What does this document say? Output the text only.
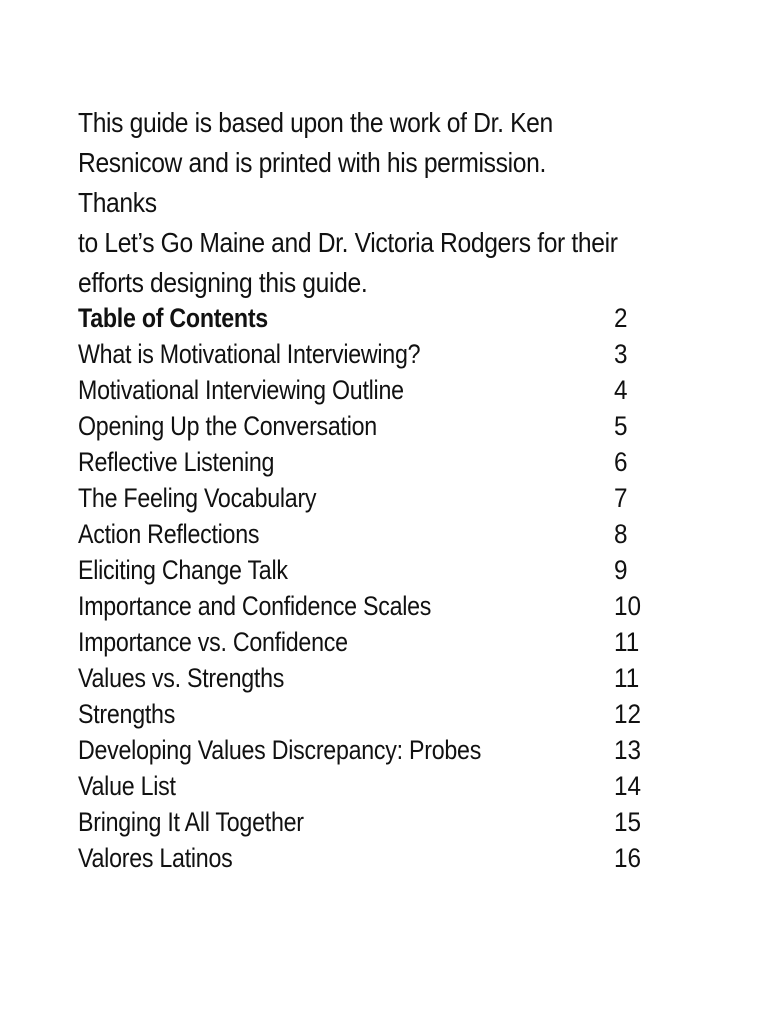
This guide is based upon the work of Dr. Ken
Resnicow and is printed with his permission. Thanks
to Let’s Go Maine and Dr. Victoria Rodgers for their
efforts designing this guide.
Table of Contents	2
What is Motivational Interviewing?	3
Motivational Interviewing Outline	4
Opening Up the Conversation	5
Reflective Listening	6
The Feeling Vocabulary	7
Action Reflections	8
Eliciting Change Talk	9
Importance and Confidence Scales	10
Importance vs. Confidence	11
Values vs. Strengths	11
Strengths	12
Developing Values Discrepancy: Probes	13
Value List	14
Bringing It All Together	15
Valores Latinos	16
